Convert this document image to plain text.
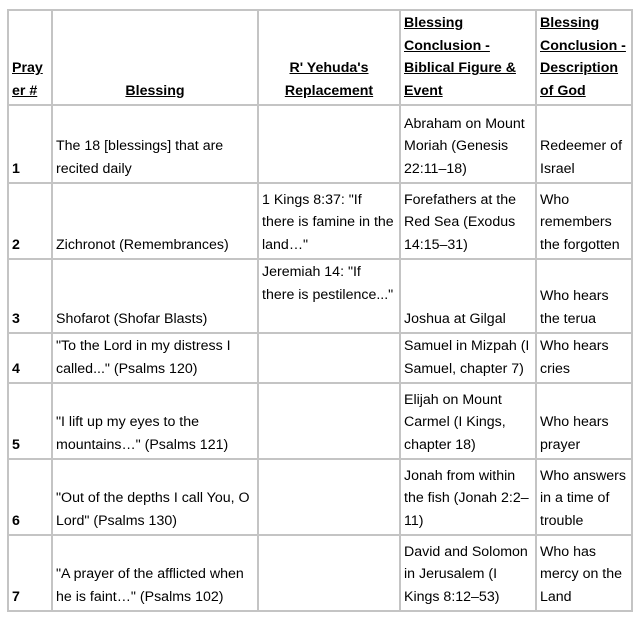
Prayer #	Blessing	R' Yehuda's Replacement	Blessing Conclusion - Biblical Figure & Event	Blessing Conclusion - Description of God
1	The 18 [blessings] that are recited daily		Abraham on Mount Moriah (Genesis 22:11–18)	Redeemer of Israel
2	Zichronot (Remembrances)	1 Kings 8:37: "If there is famine in the land…"	Forefathers at the Red Sea (Exodus 14:15–31)	Who remembers the forgotten
3	Shofarot (Shofar Blasts)	Jeremiah 14: "If there is pestilence..."	Joshua at Gilgal	Who hears the terua
4	"To the Lord in my distress I called..." (Psalms 120)		Samuel in Mizpah (I Samuel, chapter 7)	Who hears cries
5	"I lift up my eyes to the mountains…" (Psalms 121)		Elijah on Mount Carmel (I Kings, chapter 18)	Who hears prayer
6	"Out of the depths I call You, O Lord" (Psalms 130)		Jonah from within the fish (Jonah 2:2–11)	Who answers in a time of trouble
7	"A prayer of the afflicted when he is faint…" (Psalms 102)		David and Solomon in Jerusalem (I Kings 8:12–53)	Who has mercy on the Land
